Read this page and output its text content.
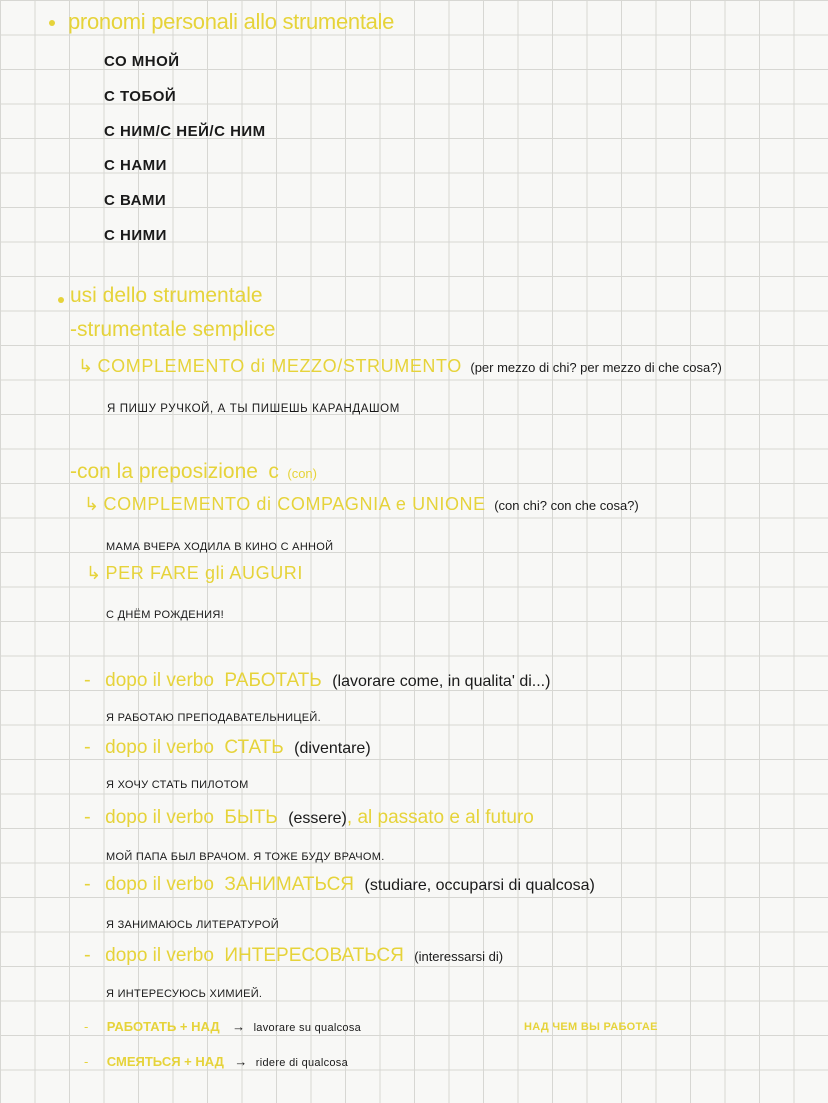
pronomi personali allo strumentale
СО МНОЙ
С ТОБОЙ
С НИМ/С НЕЙ/С НИМ
С НАМИ
С ВАМИ
С НИМИ
usi dello strumentale
-strumentale semplice
↳ COMPLEMENTO di MEZZO/STRUMENTO (per mezzo di chi? per mezzo di che cosa?)
Я ПИШУ РУЧКОЙ, А ТЫ ПИШЕШЬ КАРАНДАШОМ
-con la preposizione с (con)
↳ COMPLEMENTO di COMPAGNIA e UNIONE (con chi? con che cosa?)
МАМА ВЧЕРА ХОДИЛА В КИНО С АННОЙ
↳ PER FARE gli AUGURI
С ДНЁМ РОЖДЕНИЯ!
- dopo il verbo РАБОТАТЬ (lavorare come, in qualita' di...)
Я РАБОТАЮ ПРЕПОДАВАТЕЛЬНИЦЕЙ.
- dopo il verbo СТАТЬ (diventare)
Я ХОЧУ СТАТЬ ПИЛОТОМ
- dopo il verbo БЫТЬ (essere), al passato e al futuro
МОЙ ПАПА БЫЛ ВРАЧОМ. Я ТОЖЕ БУДУ ВРАЧОМ.
- dopo il verbo ЗАНИМАТЬСЯ (studiare, occuparsi di qualcosa)
Я ЗАНИМАЮСЬ ЛИТЕРАТУРОЙ
- dopo il verbo ИНТЕРЕСОВАТЬСЯ (interessarsi di)
Я ИНТЕРЕСУЮСЬ ХИМИЕЙ.
- РАБОТАТЬ + НАД → lavorare su qualcosa	НАД ЧЕМ ВЫ РАБОТАЕ
- СМЕЯТЬСЯ + НАД → ridere di qualcosa
